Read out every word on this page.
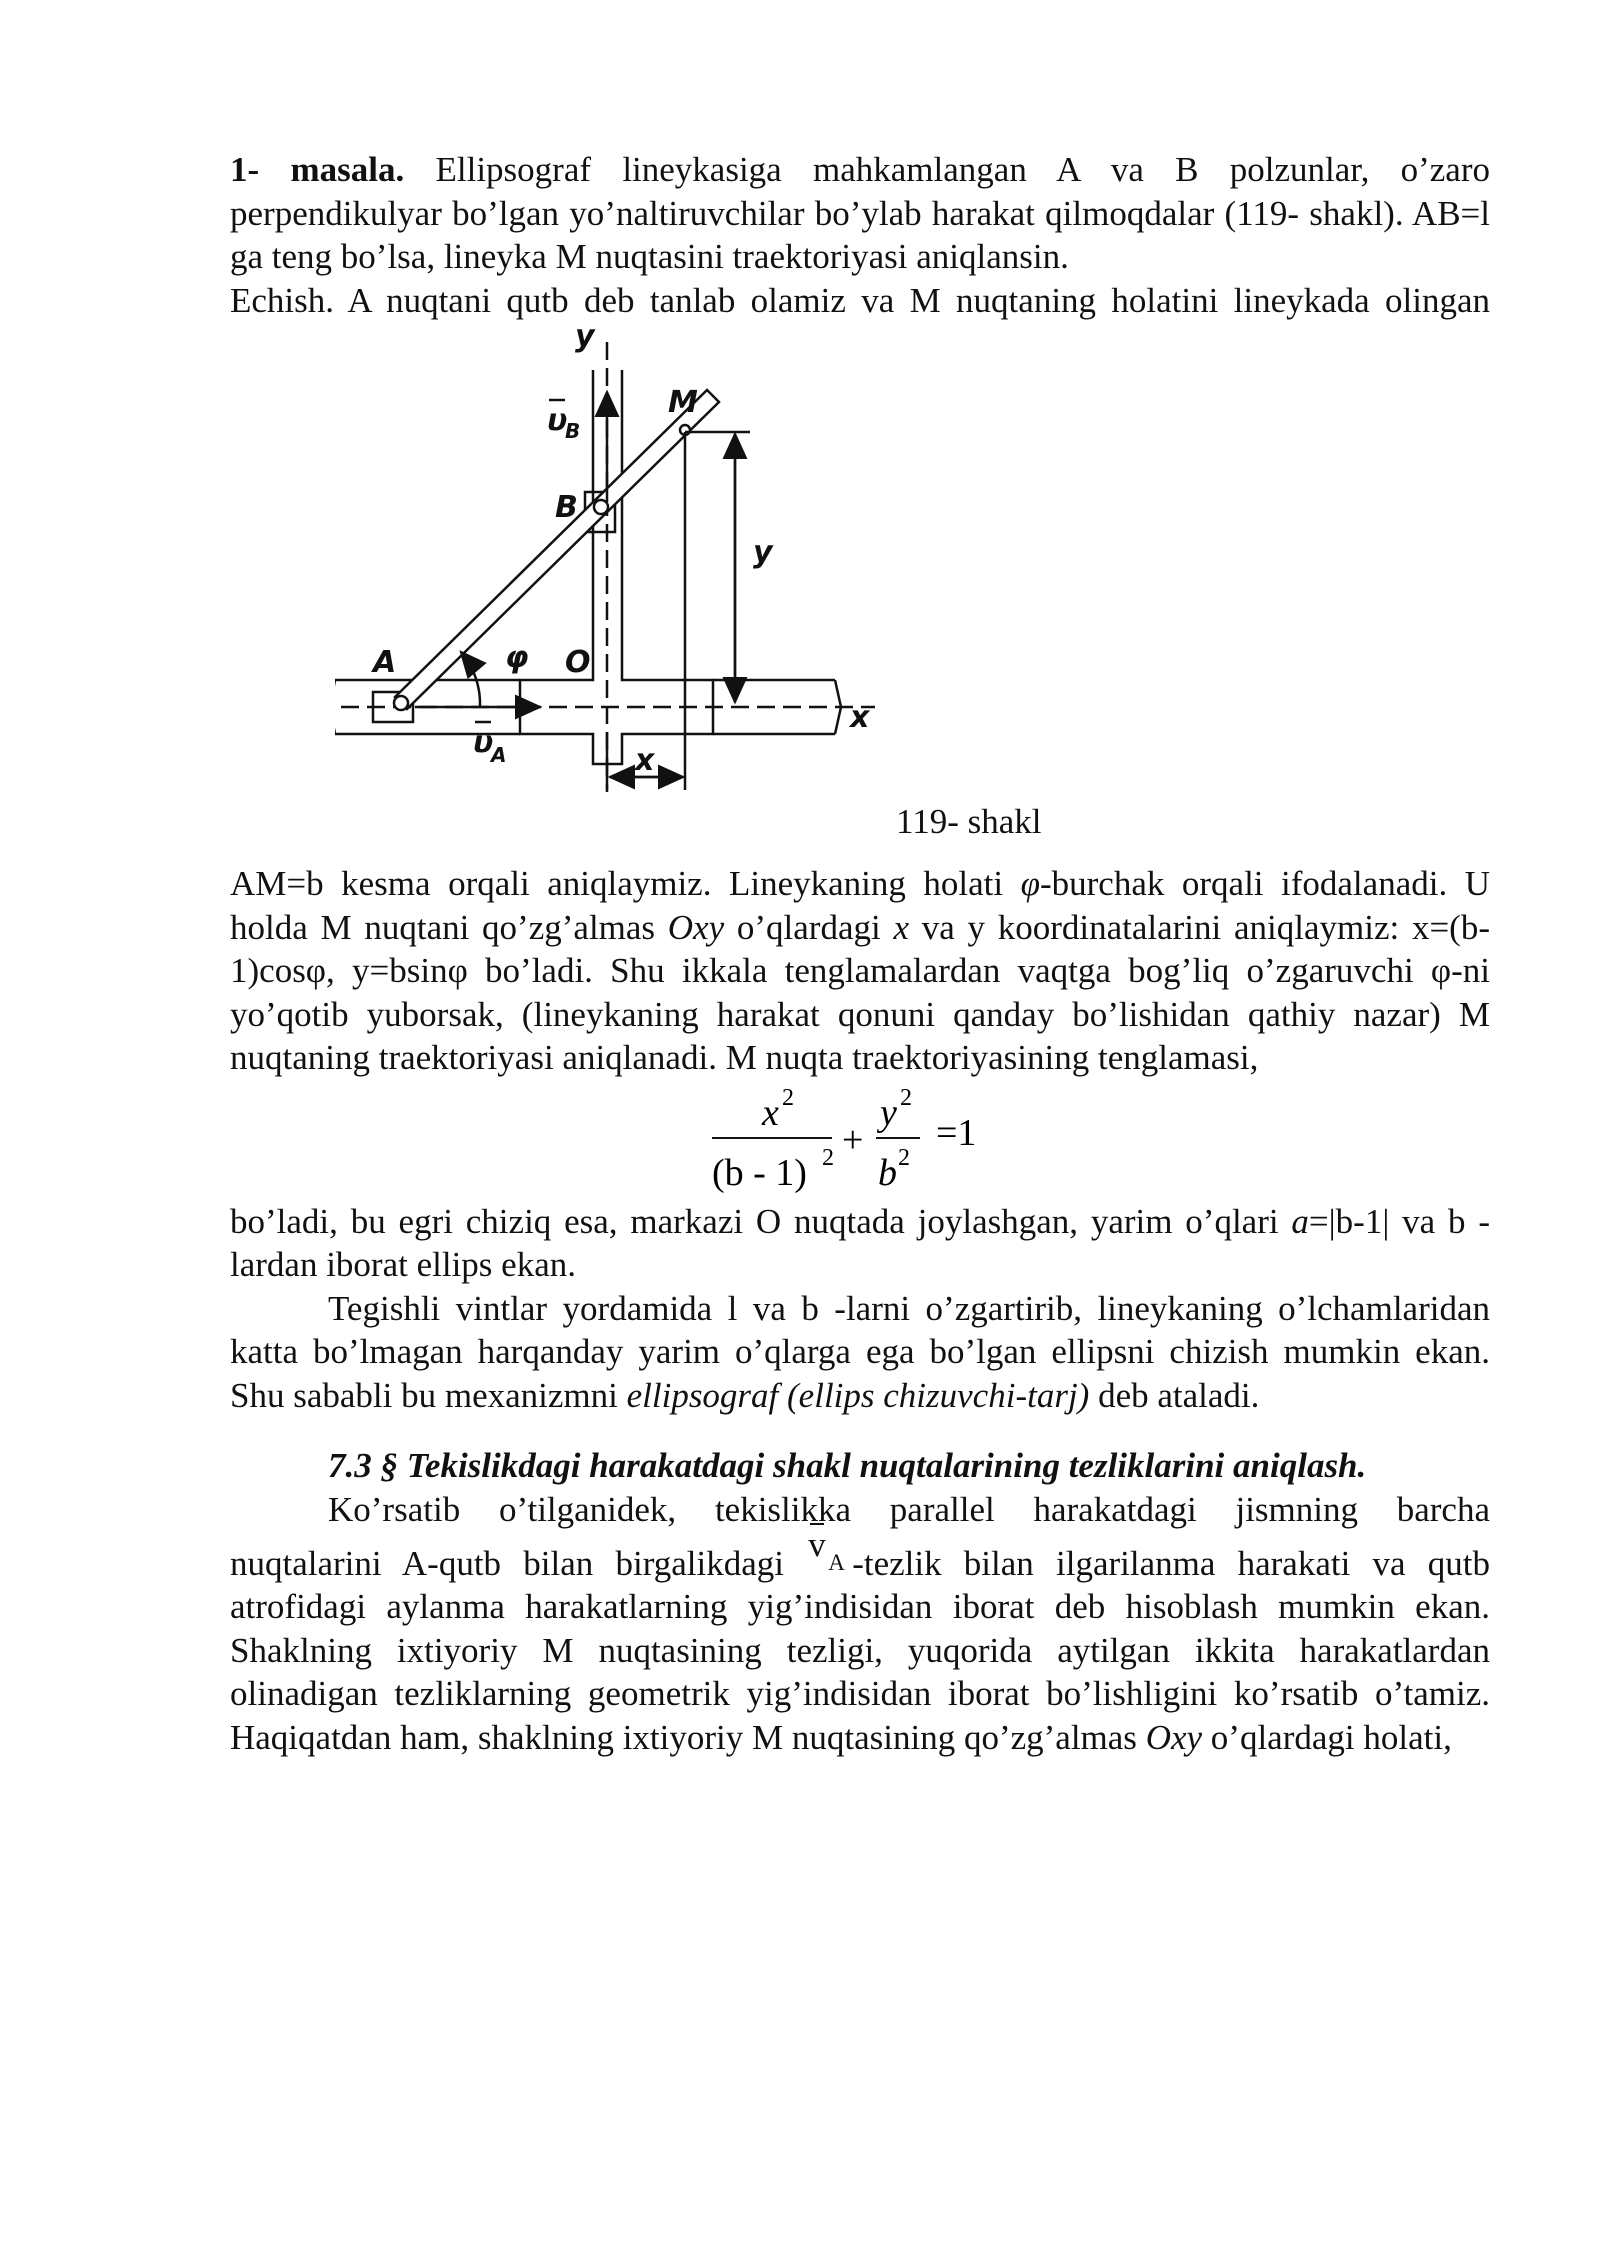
1- masala. Ellipsograf lineykasiga mahkamlangan A va B polzunlar, o’zaro perpendikulyar bo’lgan yo’naltiruvchilar bo’ylab harakat qilmoqdalar (119- shakl). AB=l ga teng bo’lsa, lineyka M nuqtasini traektoriyasi aniqlansin.

Echish. A nuqtani qutb deb tanlab olamiz va M nuqtaning holatini lineykada olingan

y
x
M
B
A	O
φ
y
x
υ
B
υ
A
119- shakl

AM=b kesma orqali aniqlaymiz. Lineykaning holati φ-burchak orqali ifodalanadi. U holda M nuqtani qo’zg’almas Oxy o’qlardagi x va y koordinatalarini aniqlaymiz: x=(b-1)cosφ, y=bsinφ bo’ladi. Shu ikkala tenglamalardan vaqtga bog’liq o’zgaruvchi φ-ni yo’qotib yuborsak, (lineykaning harakat qonuni qanday bo’lishidan qathiy nazar) M nuqtaning traektoriyasi aniqlanadi. M nuqta traektoriyasining tenglamasi,

x 2
(b - 1) 2 +
y 2
b 2
=1

bo’ladi, bu egri chiziq esa, markazi O nuqtada joylashgan, yarim o’qlari a=|b-1| va b - lardan iborat ellips ekan.

Tegishli vintlar yordamida l va b -larni o’zgartirib, lineykaning o’lchamlaridan katta bo’lmagan harqanday yarim o’qlarga ega bo’lgan ellipsni chizish mumkin ekan. Shu sababli bu mexanizmni ellipsograf (ellips chizuvchi-tarj) deb ataladi.

7.3 § Tekislikdagi harakatdagi shakl nuqtalarining tezliklarini aniqlash.

Ko’rsatib o’tilganidek, tekislikka parallel harakatdagi jismning barcha

nuqtalarini A-qutb bilan birgalikdagi v A -tezlik bilan ilgarilanma harakati va qutb atrofidagi aylanma harakatlarning yig’indisidan iborat deb hisoblash mumkin ekan. Shaklning ixtiyoriy M nuqtasining tezligi, yuqorida aytilgan ikkita harakatlardan olinadigan tezliklarning geometrik yig’indisidan iborat bo’lishligini ko’rsatib o’tamiz. Haqiqatdan ham, shaklning ixtiyoriy M nuqtasining qo’zg’almas Oxy o’qlardagi holati,
